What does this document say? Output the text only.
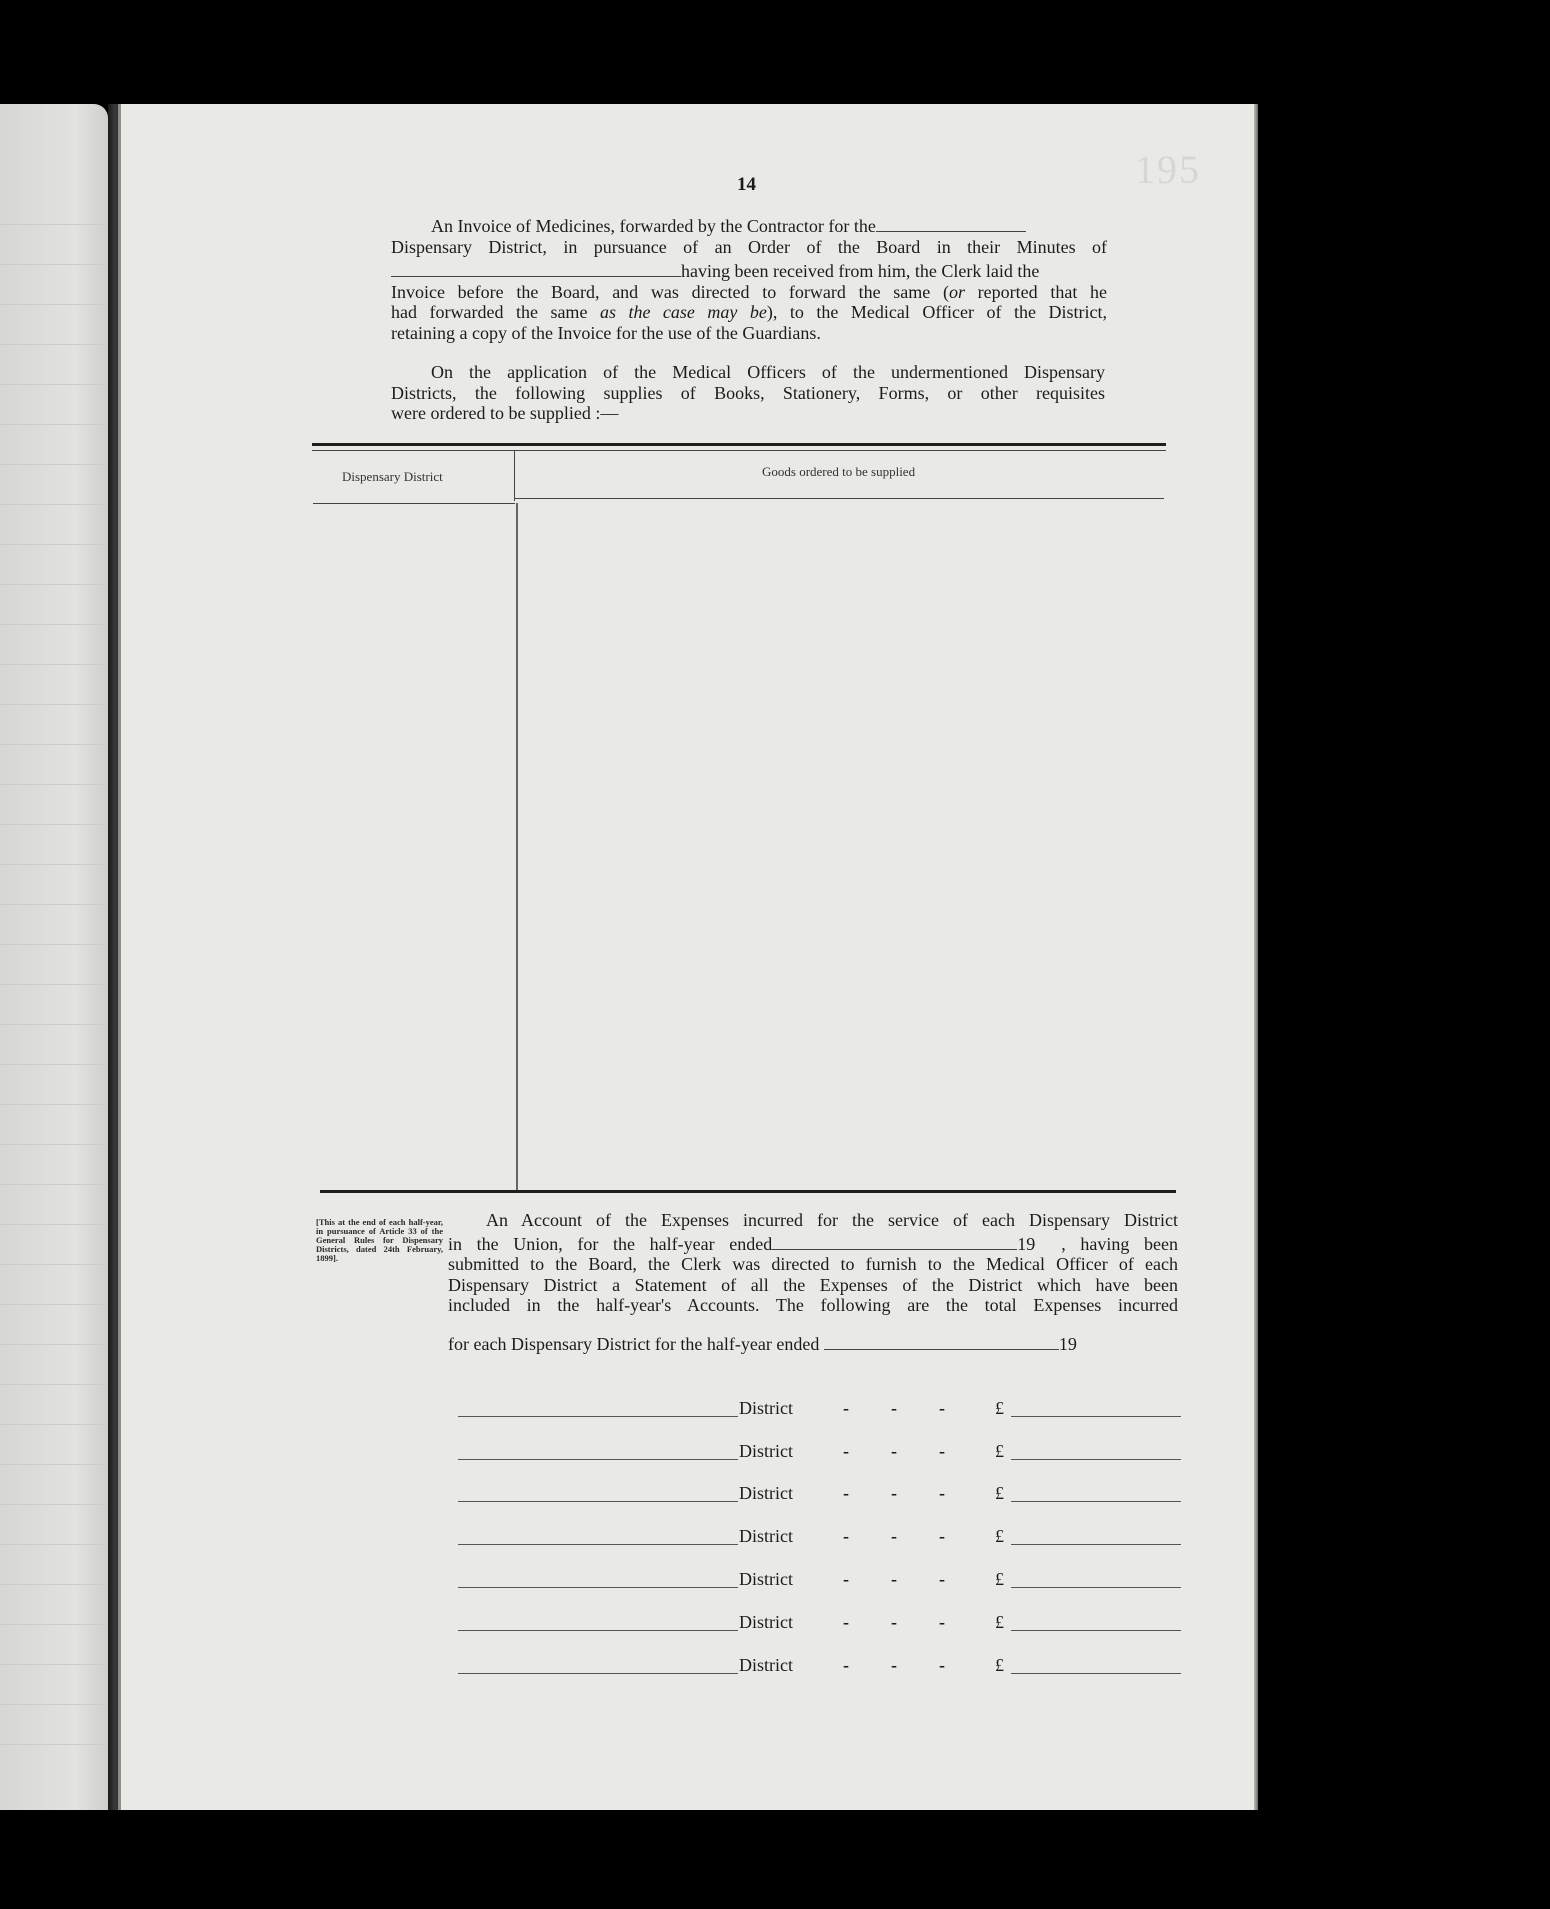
195
14
An Invoice of Medicines, forwarded by the Contractor for the
Dispensary District, in pursuance of an Order of the Board in their Minutes of
having been received from him, the Clerk laid the
Invoice before the Board, and was directed to forward the same (or reported that he
had forwarded the same as the case may be), to the Medical Officer of the District,
retaining a copy of the Invoice for the use of the Guardians.
On the application of the Medical Officers of the undermentioned Dispensary
Districts, the following supplies of Books, Stationery, Forms, or other requisites
were ordered to be supplied :—
Dispensary District	Goods ordered to be supplied
[This at the end of each half-year, in pursuance of Article 33 of the General Rules for Dispensary Districts, dated 24th February, 1899].
An Account of the Expenses incurred for the service of each Dispensary District
in the Union, for the half-year ended	19 , having been
submitted to the Board, the Clerk was directed to furnish to the Medical Officer of each
Dispensary District a Statement of all the Expenses of the District which have been
included in the half-year's Accounts. The following are the total Expenses incurred
for each Dispensary District for the half-year ended	19
District	- - -	£
District	- - -	£
District	- - -	£
District	- - -	£
District	- - -	£
District	- - -	£
District	- - -	£
